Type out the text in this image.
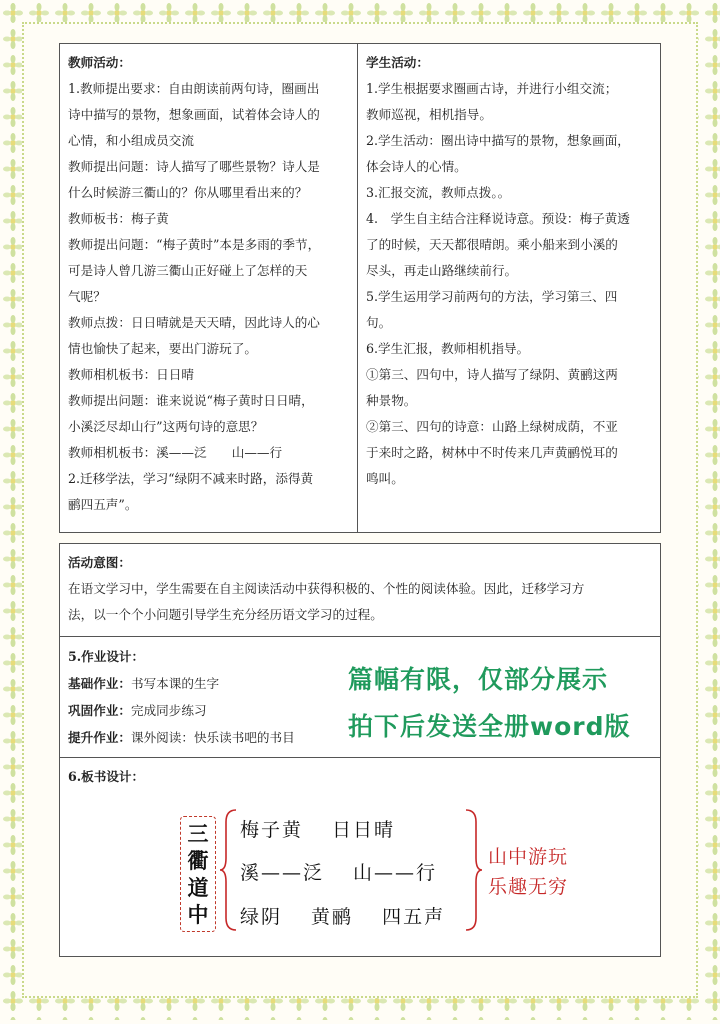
教师活动：
1.教师提出要求：自由朗读前两句诗，圈画出
诗中描写的景物，想象画面，试着体会诗人的
心情，和小组成员交流
教师提出问题：诗人描写了哪些景物？诗人是
什么时候游三衢山的？你从哪里看出来的？
教师板书：梅子黄
教师提出问题：“梅子黄时”本是多雨的季节，
可是诗人曾几游三衢山正好碰上了怎样的天
气呢？
教师点拨：日日晴就是天天晴，因此诗人的心
情也愉快了起来，要出门游玩了。
教师相机板书：日日晴
教师提出问题：谁来说说“梅子黄时日日晴，
小溪泛尽却山行”这两句诗的意思？
教师相机板书：溪——泛　　山——行
2.迁移学法，学习“绿阴不减来时路，添得黄
鹂四五声”。
学生活动：
1.学生根据要求圈画古诗，并进行小组交流；
教师巡视，相机指导。
2.学生活动：圈出诗中描写的景物，想象画面，
体会诗人的心情。
3.汇报交流，教师点拨。。
4.　学生自主结合注释说诗意。预设：梅子黄透
了的时候，天天都很晴朗。乘小船来到小溪的
尽头，再走山路继续前行。
5.学生运用学习前两句的方法，学习第三、四
句。
6.学生汇报，教师相机指导。
①第三、四句中，诗人描写了绿阴、黄鹂这两
种景物。
②第三、四句的诗意：山路上绿树成荫，不亚
于来时之路，树林中不时传来几声黄鹂悦耳的
鸣叫。
活动意图：
在语文学习中，学生需要在自主阅读活动中获得积极的、个性的阅读体验。因此，迁移学习方
法，以一个个小问题引导学生充分经历语文学习的过程。
5.作业设计：
基础作业：书写本课的生字
巩固作业：完成同步练习
提升作业：课外阅读：快乐读书吧的书目
篇幅有限，仅部分展示
拍下后发送全册word版
6.板书设计：
三
衢
道
中
梅子黄　 日日晴
溪——泛　 山——行
绿阴　 黄鹂　 四五声
山中游玩
乐趣无穷
